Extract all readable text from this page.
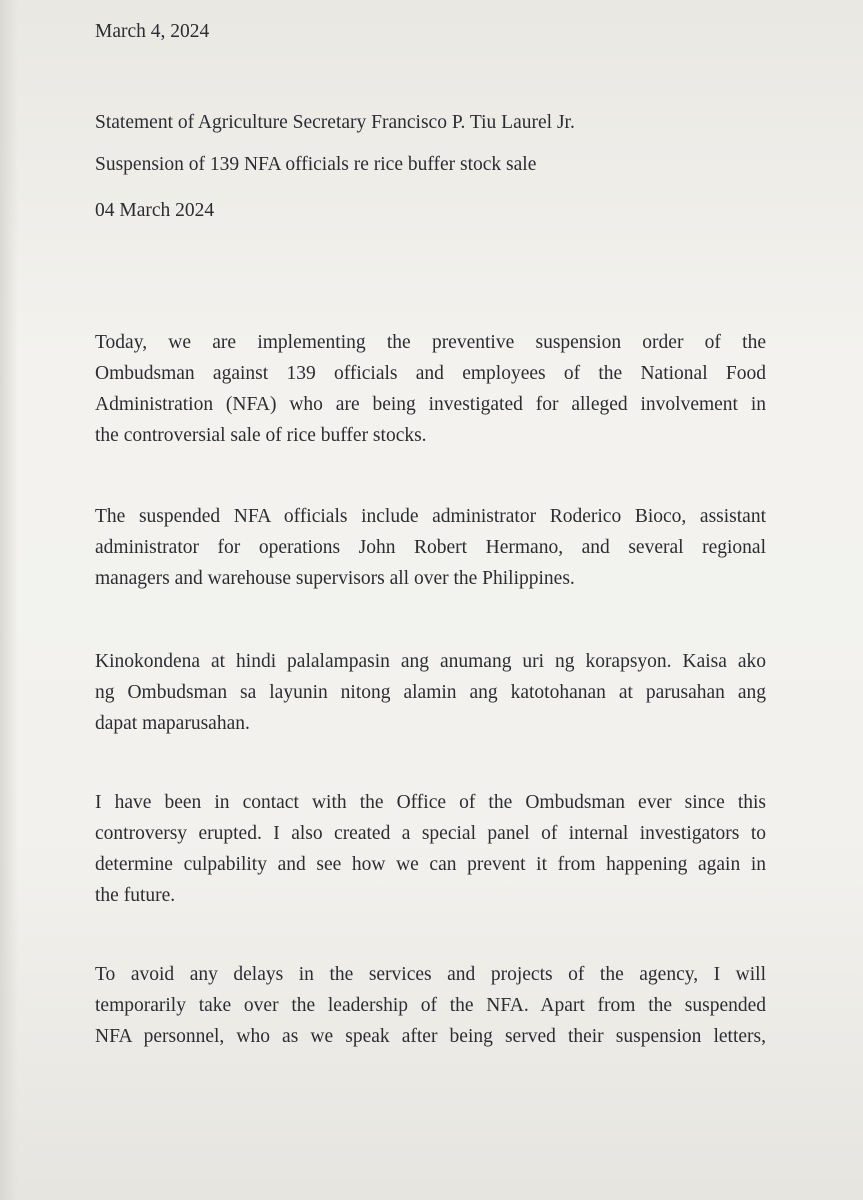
March 4, 2024

Statement of Agriculture Secretary Francisco P. Tiu Laurel Jr.

Suspension of 139 NFA officials re rice buffer stock sale

04 March 2024

Today, we are implementing the preventive suspension order of the
Ombudsman against 139 officials and employees of the National Food
Administration (NFA) who are being investigated for alleged involvement in
the controversial sale of rice buffer stocks.
The suspended NFA officials include administrator Roderico Bioco, assistant
administrator for operations John Robert Hermano, and several regional
managers and warehouse supervisors all over the Philippines.
Kinokondena at hindi palalampasin ang anumang uri ng korapsyon. Kaisa ako
ng Ombudsman sa layunin nitong alamin ang katotohanan at parusahan ang
dapat maparusahan.
I have been in contact with the Office of the Ombudsman ever since this
controversy erupted. I also created a special panel of internal investigators to
determine culpability and see how we can prevent it from happening again in
the future.
To avoid any delays in the services and projects of the agency, I will
temporarily take over the leadership of the NFA. Apart from the suspended
NFA personnel, who as we speak after being served their suspension letters,
